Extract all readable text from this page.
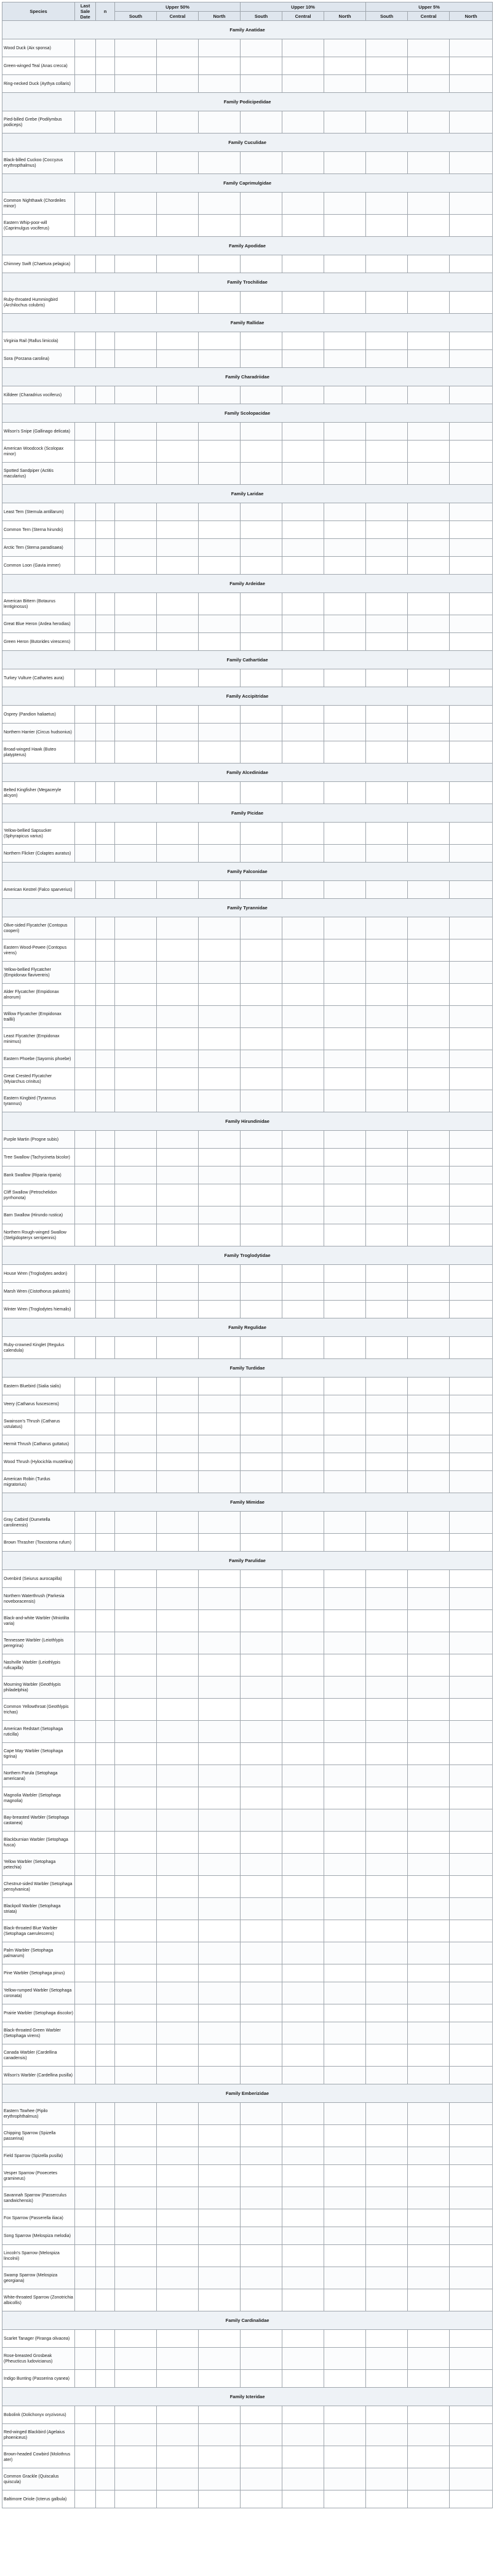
Species	Last Sale Date	n	Upper 50%			Upper 10%			Upper 5%		
			South	Central	North	South	Central	North	South	Central	North
Family Anatidae											
Wood Duck (Aix sponsa)											
Green-winged Teal (Anas crecca)											
Ring-necked Duck (Aythya collaris)											
Family Podicipedidae											
Pied-billed Grebe (Podilymbus podiceps)											
Family Cuculidae											
Black-billed Cuckoo (Coccyzus erythropthalmus)											
Family Caprimulgidae											
Common Nighthawk (Chordeiles minor)											
Eastern Whip-poor-will (Caprimulgus vociferus)											
Family Apodidae											
Chimney Swift (Chaetura pelagica)											
Family Trochilidae											
Ruby-throated Hummingbird (Archilochus colubris)											
Family Rallidae											
Virginia Rail (Rallus limicola)											
Sora (Porzana carolina)											
Family Charadriidae											
Killdeer (Charadrius vociferus)											
Family Scolopacidae											
Wilson's Snipe (Gallinago delicata)											
American Woodcock (Scolopax minor)											
Spotted Sandpiper (Actitis macularius)											
Family Laridae											
Least Tern (Sternula antillarum)											
Common Tern (Sterna hirundo)											
Arctic Tern (Sterna paradisaea)											
Common Loon (Gavia immer)											
Family Ardeidae											
American Bittern (Botaurus lentiginosus)											
Great Blue Heron (Ardea herodias)											
Green Heron (Butorides virescens)											
Family Cathartidae											
Turkey Vulture (Cathartes aura)											
Family Accipitridae											
Osprey (Pandion haliaetus)											
Northern Harrier (Circus hudsonius)											
Broad-winged Hawk (Buteo platypterus)											
Family Alcedinidae											
Belted Kingfisher (Megaceryle alcyon)											
Family Picidae											
Yellow-bellied Sapsucker (Sphyrapicus varius)											
Northern Flicker (Colaptes auratus)											
Family Falconidae											
American Kestrel (Falco sparverius)											
Family Tyrannidae											
Olive-sided Flycatcher (Contopus cooperi)											
Eastern Wood-Pewee (Contopus virens)											
Yellow-bellied Flycatcher (Empidonax flaviventris)											
Alder Flycatcher (Empidonax alnorum)											
Willow Flycatcher (Empidonax traillii)											
Least Flycatcher (Empidonax minimus)											
Eastern Phoebe (Sayornis phoebe)											
Great Crested Flycatcher (Myiarchus crinitus)											
Eastern Kingbird (Tyrannus tyrannus)											
Family Hirundinidae											
Purple Martin (Progne subis)											
Tree Swallow (Tachycineta bicolor)											
Bank Swallow (Riparia riparia)											
Cliff Swallow (Petrochelidon pyrrhonota)											
Barn Swallow (Hirundo rustica)											
Northern Rough-winged Swallow (Stelgidopteryx serripennis)											
Family Troglodytidae											
House Wren (Troglodytes aedon)											
Marsh Wren (Cistothorus palustris)											
Winter Wren (Troglodytes hiemalis)											
Family Regulidae											
Ruby-crowned Kinglet (Regulus calendula)											
Family Turdidae											
Eastern Bluebird (Sialia sialis)											
Veery (Catharus fuscescens)											
Swainson's Thrush (Catharus ustulatus)											
Hermit Thrush (Catharus guttatus)											
Wood Thrush (Hylocichla mustelina)											
American Robin (Turdus migratorius)											
Family Mimidae											
Gray Catbird (Dumetella carolinensis)											
Brown Thrasher (Toxostoma rufum)											
Family Parulidae											
Ovenbird (Seiurus aurocapilla)											
Northern Waterthrush (Parkesia noveboracensis)											
Black-and-white Warbler (Mniotilta varia)											
Tennessee Warbler (Leiothlypis peregrina)											
Nashville Warbler (Leiothlypis ruficapilla)											
Mourning Warbler (Geothlypis philadelphia)											
Common Yellowthroat (Geothlypis trichas)											
American Redstart (Setophaga ruticilla)											
Cape May Warbler (Setophaga tigrina)											
Northern Parula (Setophaga americana)											
Magnolia Warbler (Setophaga magnolia)											
Bay-breasted Warbler (Setophaga castanea)											
Blackburnian Warbler (Setophaga fusca)											
Yellow Warbler (Setophaga petechia)											
Chestnut-sided Warbler (Setophaga pensylvanica)											
Blackpoll Warbler (Setophaga striata)											
Black-throated Blue Warbler (Setophaga caerulescens)											
Palm Warbler (Setophaga palmarum)											
Pine Warbler (Setophaga pinus)											
Yellow-rumped Warbler (Setophaga coronata)											
Prairie Warbler (Setophaga discolor)											
Black-throated Green Warbler (Setophaga virens)											
Canada Warbler (Cardellina canadensis)											
Wilson's Warbler (Cardellina pusilla)											
Family Emberizidae											
Eastern Towhee (Pipilo erythrophthalmus)											
Chipping Sparrow (Spizella passerina)											
Field Sparrow (Spizella pusilla)											
Vesper Sparrow (Pooecetes gramineus)											
Savannah Sparrow (Passerculus sandwichensis)											
Fox Sparrow (Passerella iliaca)											
Song Sparrow (Melospiza melodia)											
Lincoln's Sparrow (Melospiza lincolnii)											
Swamp Sparrow (Melospiza georgiana)											
White-throated Sparrow (Zonotrichia albicollis)											
Family Cardinalidae											
Scarlet Tanager (Piranga olivacea)											
Rose-breasted Grosbeak (Pheucticus ludovicianus)											
Indigo Bunting (Passerina cyanea)											
Family Icteridae											
Bobolink (Dolichonyx oryzivorus)											
Red-winged Blackbird (Agelaius phoeniceus)											
Brown-headed Cowbird (Molothrus ater)											
Common Grackle (Quiscalus quiscula)											
Baltimore Oriole (Icterus galbula)											
